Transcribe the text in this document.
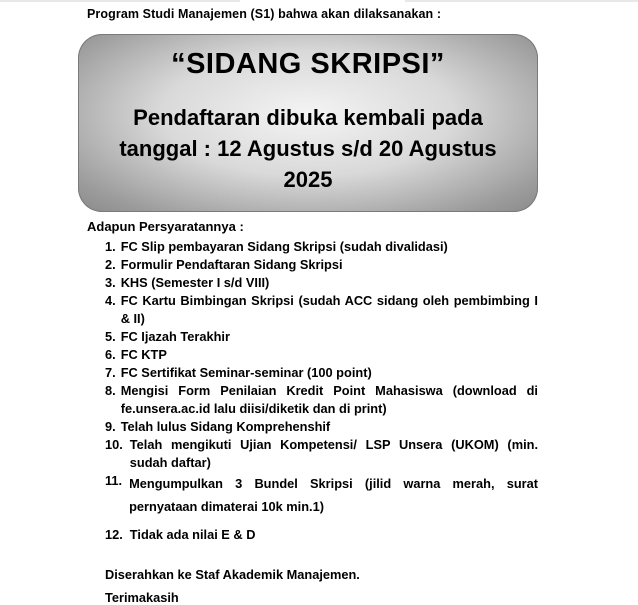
Program Studi Manajemen (S1) bahwa akan dilaksanakan :
“SIDANG SKRIPSI”
Pendaftaran dibuka kembali pada tanggal : 12 Agustus s/d 20 Agustus 2025
Adapun Persyaratannya :
1. FC Slip pembayaran Sidang Skripsi (sudah divalidasi)
2. Formulir Pendaftaran Sidang Skripsi
3. KHS (Semester I s/d VIII)
4. FC Kartu Bimbingan Skripsi (sudah ACC sidang oleh pembimbing I & II)
5. FC Ijazah Terakhir
6. FC KTP
7. FC Sertifikat Seminar-seminar (100 point)
8. Mengisi Form Penilaian Kredit Point Mahasiswa (download di fe.unsera.ac.id lalu diisi/diketik dan di print)
9. Telah lulus Sidang Komprehenshif
10. Telah mengikuti Ujian Kompetensi/ LSP Unsera (UKOM) (min. sudah daftar)
11. Mengumpulkan 3 Bundel Skripsi (jilid warna merah, surat pernyataan dimaterai 10k min.1)
12. Tidak ada nilai E & D
Diserahkan ke Staf Akademik Manajemen.
Terimakasih
